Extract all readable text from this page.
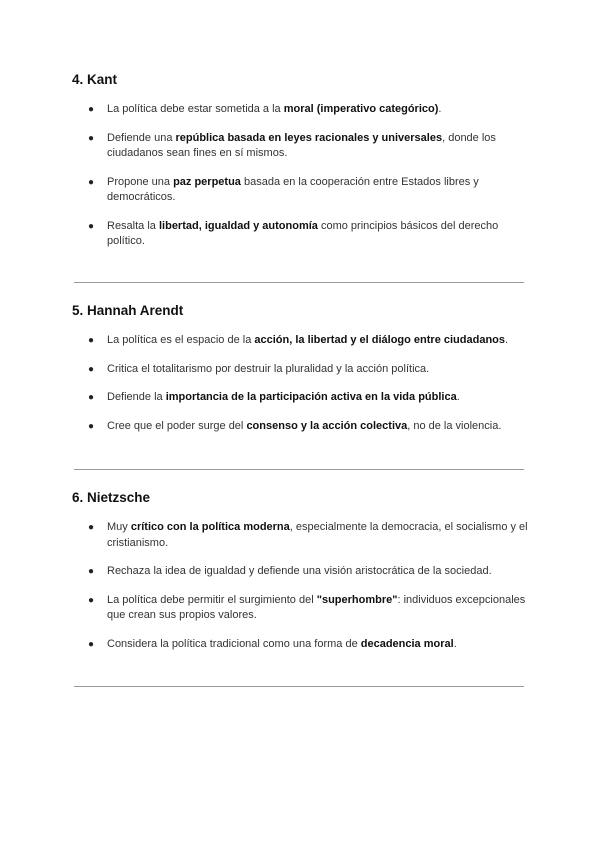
4. Kant
● La política debe estar sometida a la moral (imperativo categórico).
● Defiende una república basada en leyes racionales y universales, donde los ciudadanos sean fines en sí mismos.
● Propone una paz perpetua basada en la cooperación entre Estados libres y democráticos.
● Resalta la libertad, igualdad y autonomía como principios básicos del derecho político.
5. Hannah Arendt
● La política es el espacio de la acción, la libertad y el diálogo entre ciudadanos.
● Critica el totalitarismo por destruir la pluralidad y la acción política.
● Defiende la importancia de la participación activa en la vida pública.
● Cree que el poder surge del consenso y la acción colectiva, no de la violencia.
6. Nietzsche
● Muy crítico con la política moderna, especialmente la democracia, el socialismo y el cristianismo.
● Rechaza la idea de igualdad y defiende una visión aristocrática de la sociedad.
● La política debe permitir el surgimiento del "superhombre": individuos excepcionales que crean sus propios valores.
● Considera la política tradicional como una forma de decadencia moral.
